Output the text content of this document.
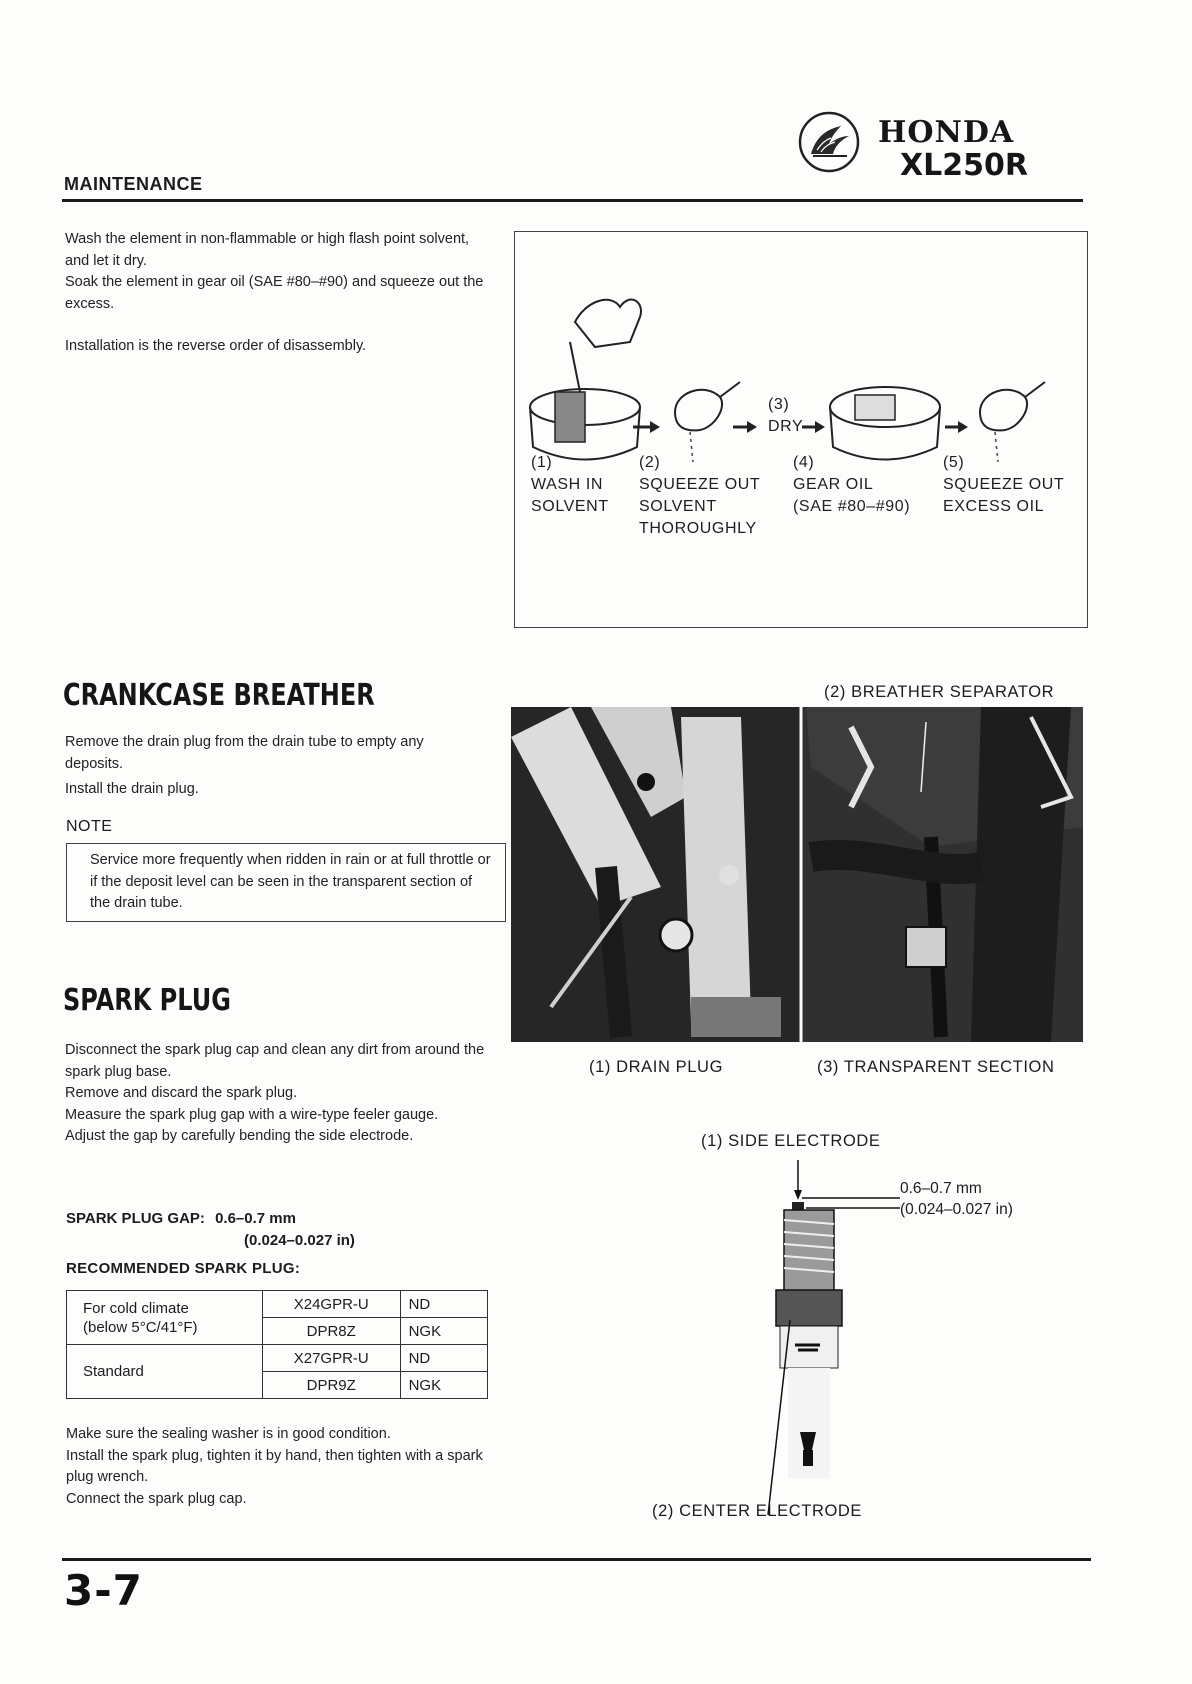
HONDA
XL250R
MAINTENANCE

Wash the element in non-flammable or high flash point solvent, and let it dry.

Soak the element in gear oil (SAE #80–#90) and squeeze out the excess.

Installation is the reverse order of disassembly.

(1)
WASH IN
SOLVENT
(2)
SQUEEZE OUT
SOLVENT
THOROUGHLY
(3)
DRY
(4)
GEAR OIL
(SAE #80–#90)
(5)
SQUEEZE OUT
EXCESS OIL
CRANKCASE BREATHER

Remove the drain plug from the drain tube to empty any deposits.

Install the drain plug.

NOTE
Service more frequently when ridden in rain or at full throttle or if the deposit level can be seen in the transparent section of the drain tube.
(2) BREATHER SEPARATOR
(1) DRAIN PLUG	(3) TRANSPARENT SECTION
SPARK PLUG

Disconnect the spark plug cap and clean any dirt from around the spark plug base.

Remove and discard the spark plug.

Measure the spark plug gap with a wire-type feeler gauge.

Adjust the gap by carefully bending the side electrode.

SPARK PLUG GAP: 0.6–0.7 mm
(0.024–0.027 in)
RECOMMENDED SPARK PLUG:
For cold climate
(below 5°C/41°F)	X24GPR-U	ND
	DPR8Z	NGK
Standard	X27GPR-U	ND
	DPR9Z	NGK

Make sure the sealing washer is in good condition.

Install the spark plug, tighten it by hand, then tighten with a spark plug wrench.

Connect the spark plug cap.

(1) SIDE ELECTRODE
0.6–0.7 mm
(0.024–0.027 in)
(2) CENTER ELECTRODE
3-7
